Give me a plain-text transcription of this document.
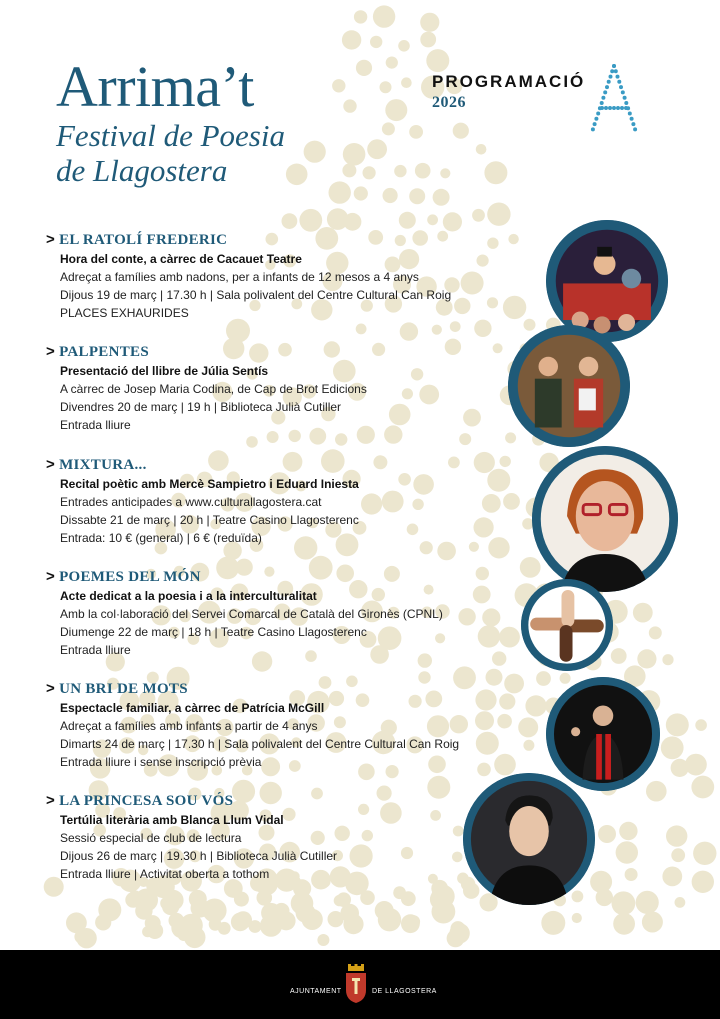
Arrima’t
Festival de Poesia
de Llagostera
PROGRAMACIÓ
2026
> EL RATOLÍ FREDERIC
Hora del conte, a càrrec de Cacauet Teatre
Adreçat a famílies amb nadons, per a infants de 12 mesos a 4 anys
Dijous 19 de març | 17.30 h | Sala polivalent del Centre Cultural Can Roig
PLACES EXHAURIDES
> PALPENTES
Presentació del llibre de Júlia Sentís
A càrrec de Josep Maria Codina, de Cap de Brot Edicions
Divendres 20 de març | 19 h | Biblioteca Julià Cutiller
Entrada lliure
> MIXTURA...
Recital poètic amb Mercè Sampietro i Eduard Iniesta
Entrades anticipades a www.culturallagostera.cat
Dissabte 21 de març | 20 h | Teatre Casino Llagosterenc
Entrada: 10 € (general) | 6 € (reduïda)
> POEMES DEL MÓN
Acte dedicat a la poesia i a la interculturalitat
Amb la col·laboració del Servei Comarcal de Català del Gironès (CPNL)
Diumenge 22 de març | 18 h | Teatre Casino Llagosterenc
Entrada lliure
> UN BRI DE MOTS
Espectacle familiar, a càrrec de Patrícia McGill
Adreçat a famílies amb infants a partir de 4 anys
Dimarts 24 de març | 17.30 h | Sala polivalent del Centre Cultural Can Roig
Entrada lliure i sense inscripció prèvia
> LA PRINCESA SOU VÓS
Tertúlia literària amb Blanca Llum Vidal
Sessió especial de club de lectura
Dijous 26 de març | 19.30 h | Biblioteca Julià Cutiller
Entrada lliure | Activitat oberta a tothom
AJUNTAMENT	DE LLAGOSTERA
